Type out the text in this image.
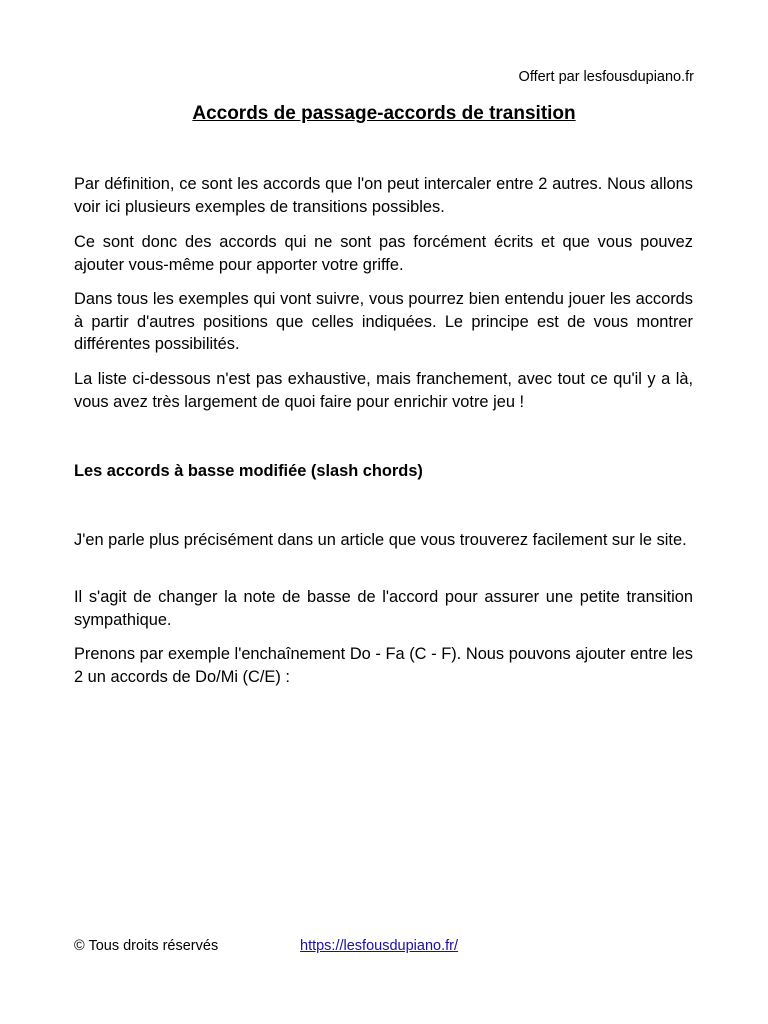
Offert par lesfousdupiano.fr
Accords de passage-accords de transition

Par définition, ce sont les accords que l'on peut intercaler entre 2 autres. Nous allons voir ici plusieurs exemples de transitions possibles.

Ce sont donc des accords qui ne sont pas forcément écrits et que vous pouvez ajouter vous-même pour apporter votre griffe.

Dans tous les exemples qui vont suivre, vous pourrez bien entendu jouer les accords à partir d'autres positions que celles indiquées. Le principe est de vous montrer différentes possibilités.

La liste ci-dessous n'est pas exhaustive, mais franchement, avec tout ce qu'il y a là, vous avez très largement de quoi faire pour enrichir votre jeu !

Les accords à basse modifiée (slash chords)

J'en parle plus précisément dans un article que vous trouverez facilement sur le site.

Il s'agit de changer la note de basse de l'accord pour assurer une petite transition sympathique.

Prenons par exemple l'enchaînement Do - Fa (C - F). Nous pouvons ajouter entre les 2 un accords de Do/Mi (C/E) :

© Tous droits réservés	https://lesfousdupiano.fr/
